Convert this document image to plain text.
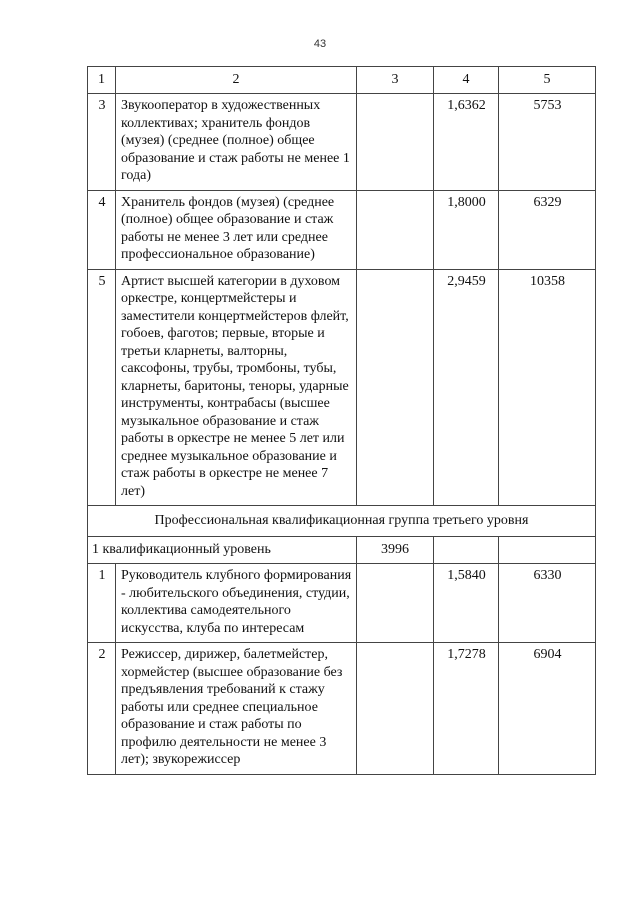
43
1	2	3	4	5
3	Звукооператор в художественных коллективах; хранитель фондов (музея) (среднее (полное) общее образование и стаж работы не менее 1 года)		1,6362	5753
4	Хранитель фондов (музея) (среднее (полное) общее образование и стаж работы не менее 3 лет или среднее профессиональное образование)		1,8000	6329
5	Артист высшей категории в духовом оркестре, концертмейстеры и заместители концертмейстеров флейт, гобоев, фаготов; первые, вторые и третьи кларнеты, валторны, саксофоны, трубы, тромбоны, тубы, кларнеты, баритоны, теноры, ударные инструменты, контрабасы (высшее музыкальное образование и стаж работы в оркестре не менее 5 лет или среднее музыкальное образование и стаж работы в оркестре не менее 7 лет)		2,9459	10358
Профессиональная квалификационная группа третьего уровня				
1 квалификационный уровень		3996		
1	Руководитель клубного формирования - любительского объединения, студии, коллектива самодеятельного искусства, клуба по интересам		1,5840	6330
2	Режиссер, дирижер, балетмейстер, хормейстер (высшее образование без предъявления требований к стажу работы или среднее специальное образование и стаж работы по профилю деятельности не менее 3 лет); звукорежиссер		1,7278	6904
